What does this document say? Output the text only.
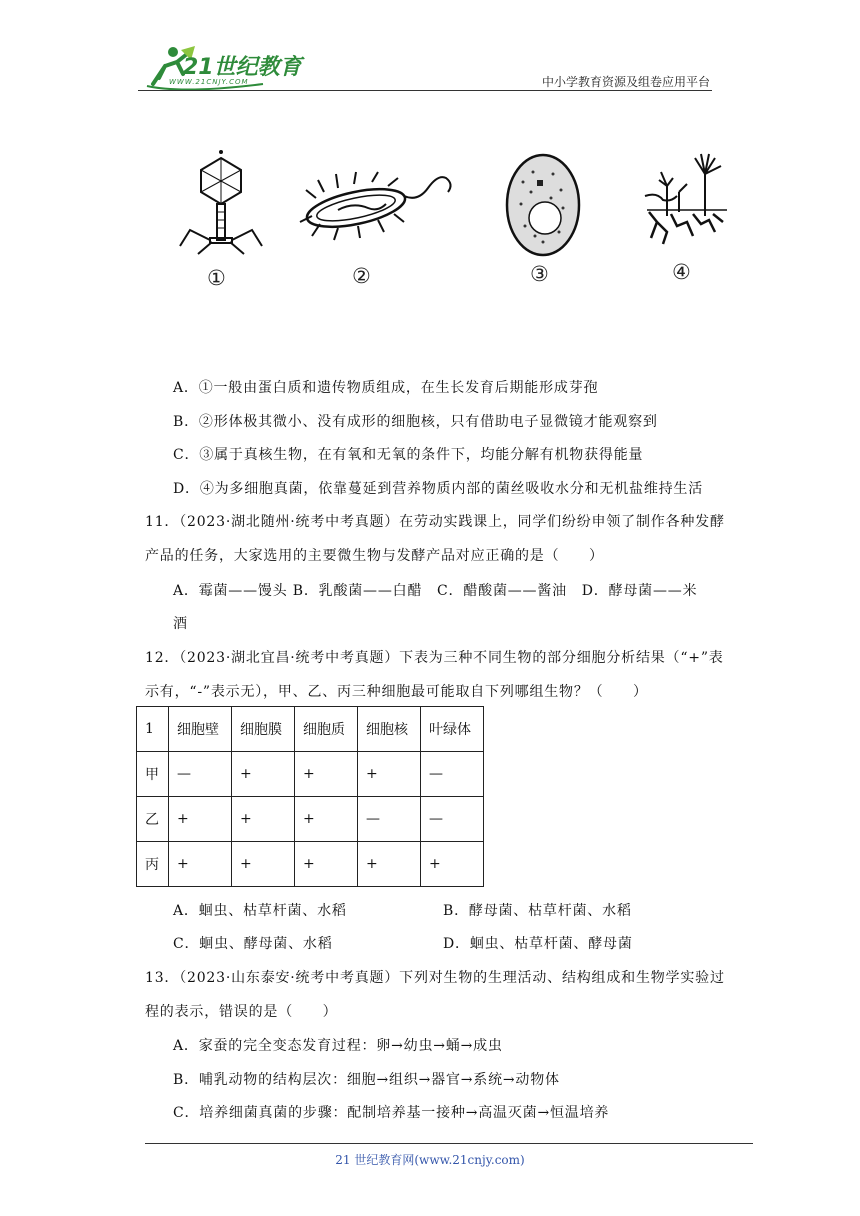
21世纪教育
WWW.21CNJY.COM	中小学教育资源及组卷应用平台
①	②	③	④
A．①一般由蛋白质和遗传物质组成，在生长发育后期能形成芽孢
B．②形体极其微小、没有成形的细胞核，只有借助电子显微镜才能观察到
C．③属于真核生物，在有氧和无氧的条件下，均能分解有机物获得能量
D．④为多细胞真菌，依靠蔓延到营养物质内部的菌丝吸收水分和无机盐维持生活
11．（2023·湖北随州·统考中考真题）在劳动实践课上，同学们纷纷申领了制作各种发酵
产品的任务，大家选用的主要微生物与发酵产品对应正确的是（　　）
A．霉菌——馒头 B．乳酸菌——白醋　C．醋酸菌——酱油　D．酵母菌——米
酒
12．（2023·湖北宜昌·统考中考真题）下表为三种不同生物的部分细胞分析结果（“+”表
示有，“-”表示无），甲、乙、丙三种细胞最可能取自下列哪组生物？（　　）
1	细胞壁	细胞膜	细胞质	细胞核	叶绿体
甲	—	+	+	+	—
乙	+	+	+	—	—
丙	+	+	+	+	+
A．蛔虫、枯草杆菌、水稻	B．酵母菌、枯草杆菌、水稻
C．蛔虫、酵母菌、水稻	D．蛔虫、枯草杆菌、酵母菌
13．（2023·山东泰安·统考中考真题）下列对生物的生理活动、结构组成和生物学实验过
程的表示，错误的是（　　）
A．家蚕的完全变态发育过程：卵→幼虫→蛹→成虫
B．哺乳动物的结构层次：细胞→组织→器官→系统→动物体
C．培养细菌真菌的步骤：配制培养基一接种→高温灭菌→恒温培养
21 世纪教育网(www.21cnjy.com)
